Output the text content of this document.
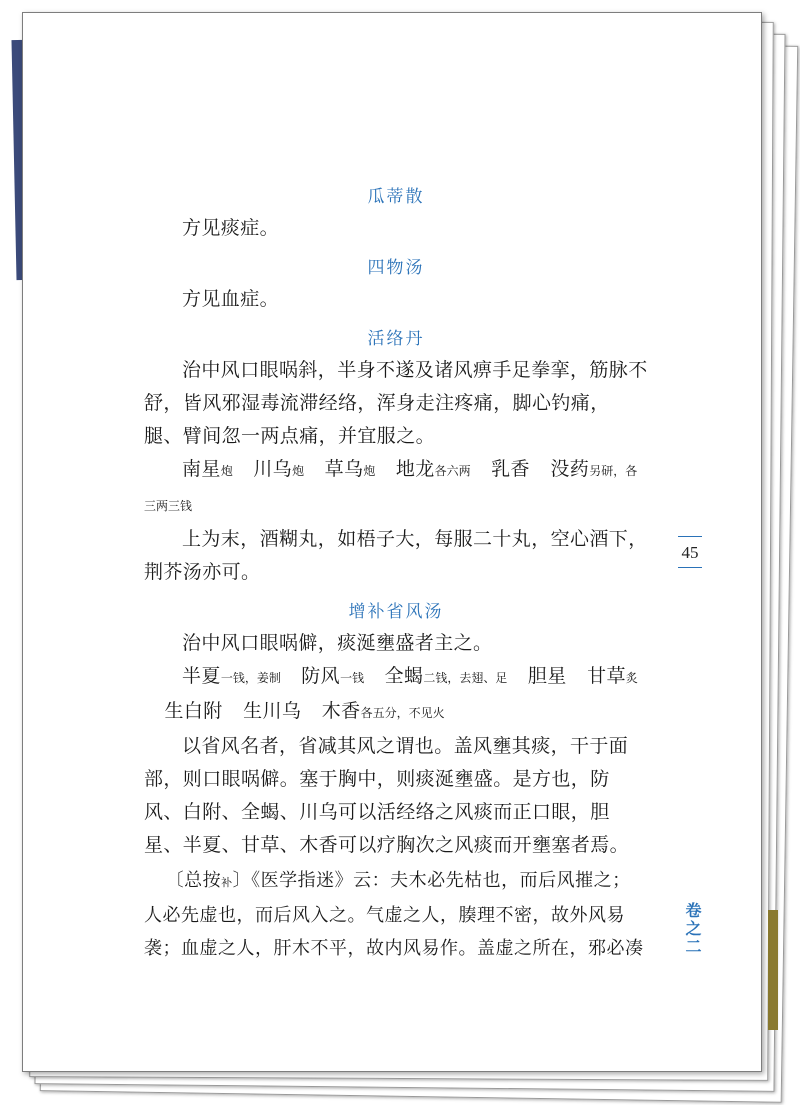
瓜蒂散

方见痰症。

四物汤

方见血症。

活络丹

治中风口眼㖞斜，半身不遂及诸风痹手足拳挛，筋脉不舒，皆风邪湿毒流滞经络，浑身走注疼痛，脚心钓痛，腿、臂间忽一两点痛，并宜服之。

南星炮 川乌炮 草乌炮 地龙各六两 乳香 没药另研，各三两三钱

上为末，酒糊丸，如梧子大，每服二十丸，空心酒下，荆芥汤亦可。

增补省风汤

治中风口眼㖞僻，痰涎壅盛者主之。

半夏一钱，姜制 防风一钱 全蝎二钱，去翅、足 胆星 甘草炙 生白附 生川乌 木香各五分，不见火

以省风名者，省减其风之谓也。盖风壅其痰，干于面部，则口眼㖞僻。塞于胸中，则痰涎壅盛。是方也，防风、白附、全蝎、川乌可以活经络之风痰而正口眼，胆星、半夏、甘草、木香可以疗胸次之风痰而开壅塞者焉。

〔总按补〕《医学指迷》云：夫木必先枯也，而后风摧之；人必先虚也，而后风入之。气虚之人，腠理不密，故外风易袭；血虚之人，肝木不平，故内风易作。盖虚之所在，邪必凑

45
卷之二
